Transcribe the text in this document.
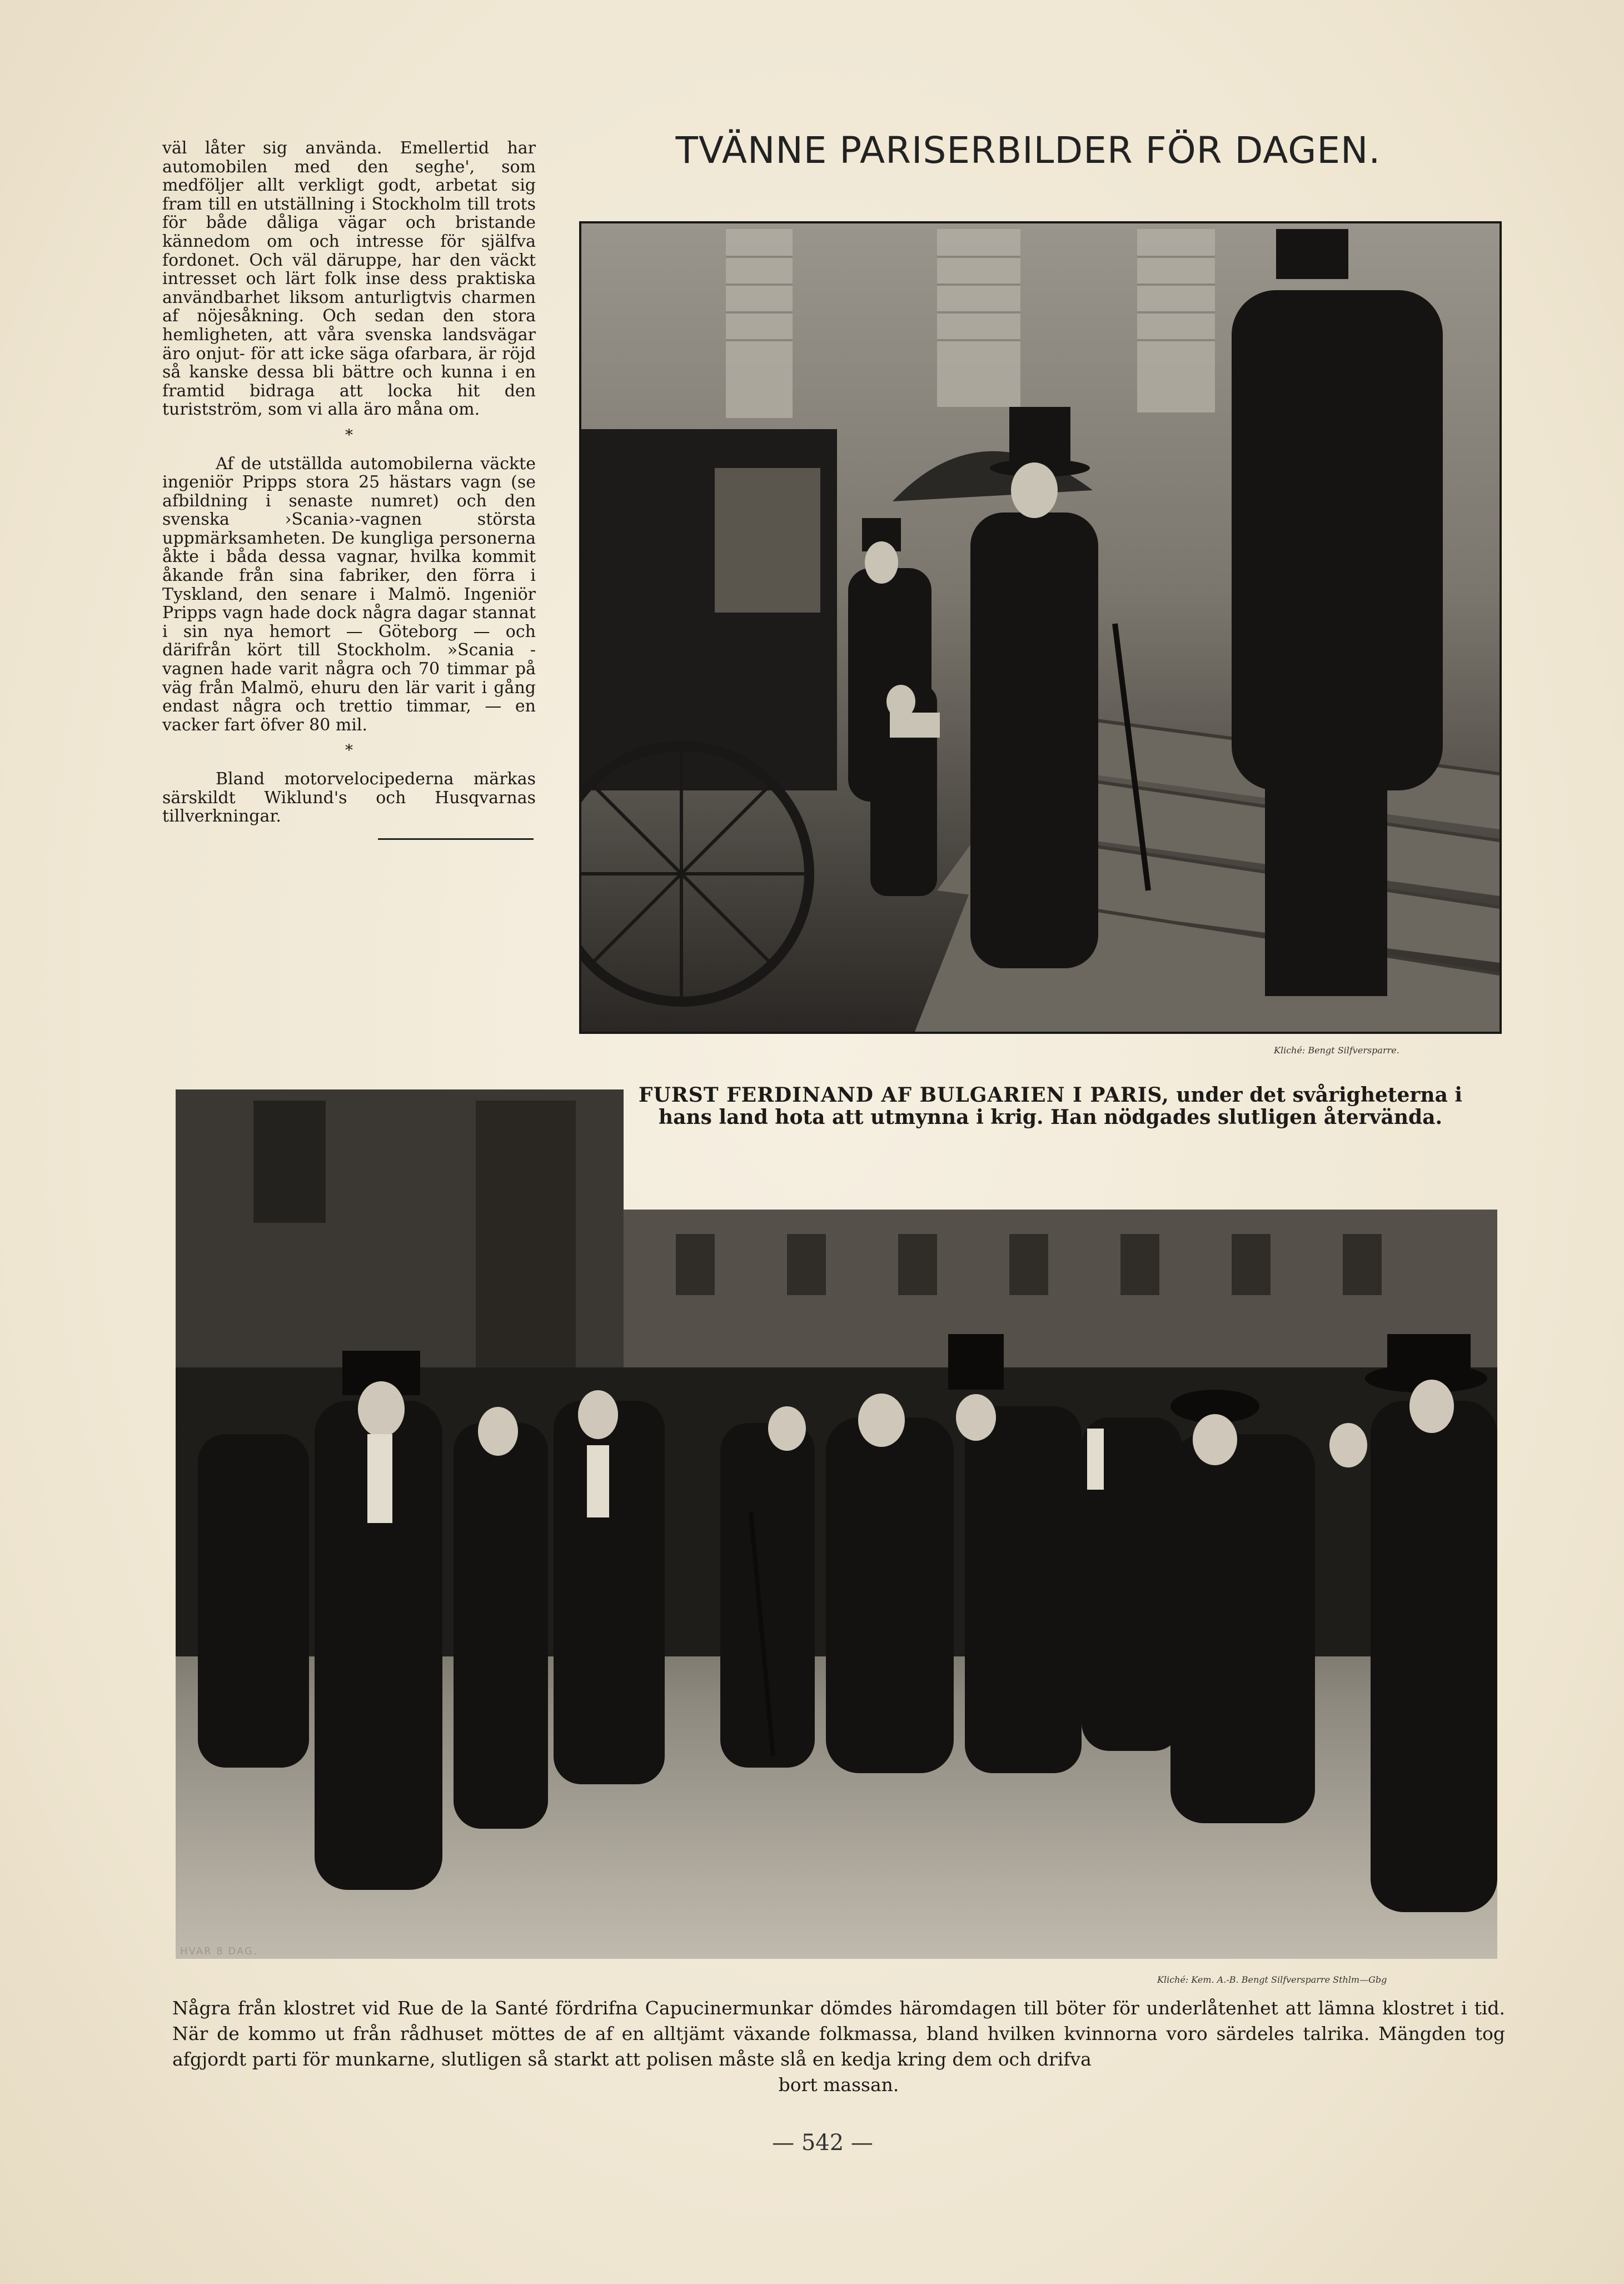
väl låter sig använda. Emellertid har automobilen med den seghe', som medföljer allt verkligt godt, arbetat sig fram till en utställning i Stockholm till trots för både dåliga vägar och bristande kännedom om och intresse för själfva fordonet. Och väl däruppe, har den väckt intresset och lärt folk inse dess praktiska användbarhet liksom anturligtvis charmen af nöjesåkning. Och sedan den stora hemligheten, att våra svenska landsvägar äro onjut- för att icke säga ofarbara, är röjd så kanske dessa bli bättre och kunna i en framtid bidraga att locka hit den turistström, som vi alla äro måna om.

*

Af de utställda automobilerna väckte ingeniör Pripps stora 25 hästars vagn (se afbildning i senaste numret) och den svenska ›Scania›-vagnen största uppmärksamheten. De kungliga personerna åkte i båda dessa vagnar, hvilka kommit åkande från sina fabriker, den förra i Tyskland, den senare i Malmö. Ingeniör Pripps vagn hade dock några dagar stannat i sin nya hemort — Göteborg — och därifrån kört till Stockholm. »Scania - vagnen hade varit några och 70 timmar på väg från Malmö, ehuru den lär varit i gång endast några och trettio timmar, — en vacker fart öfver 80 mil.

*

Bland motorvelocipederna märkas särskildt Wiklund's och Husqvarnas tillverkningar.

TVÄNNE PARISERBILDER FÖR DAGEN.
Kliché: Bengt Silfversparre.
HVAR 8 DAG.
FURST FERDINAND AF BULGARIEN I PARIS, under det svårigheterna i hans land hota att utmynna i krig. Han nödgades slutligen återvända.
Kliché: Kem. A.-B. Bengt Silfversparre Sthlm—Gbg
Några från klostret vid Rue de la Santé fördrifna Capucinermunkar dömdes häromdagen till böter för underlåtenhet att lämna klostret i tid. När de kommo ut från rådhuset möttes de af en alltjämt växande folkmassa, bland hvilken kvinnorna voro särdeles talrika. Mängden tog afgjordt parti för munkarne, slutligen så starkt att polisen måste slå en kedja kring dem och drifva
bort massan.
— 542 —
